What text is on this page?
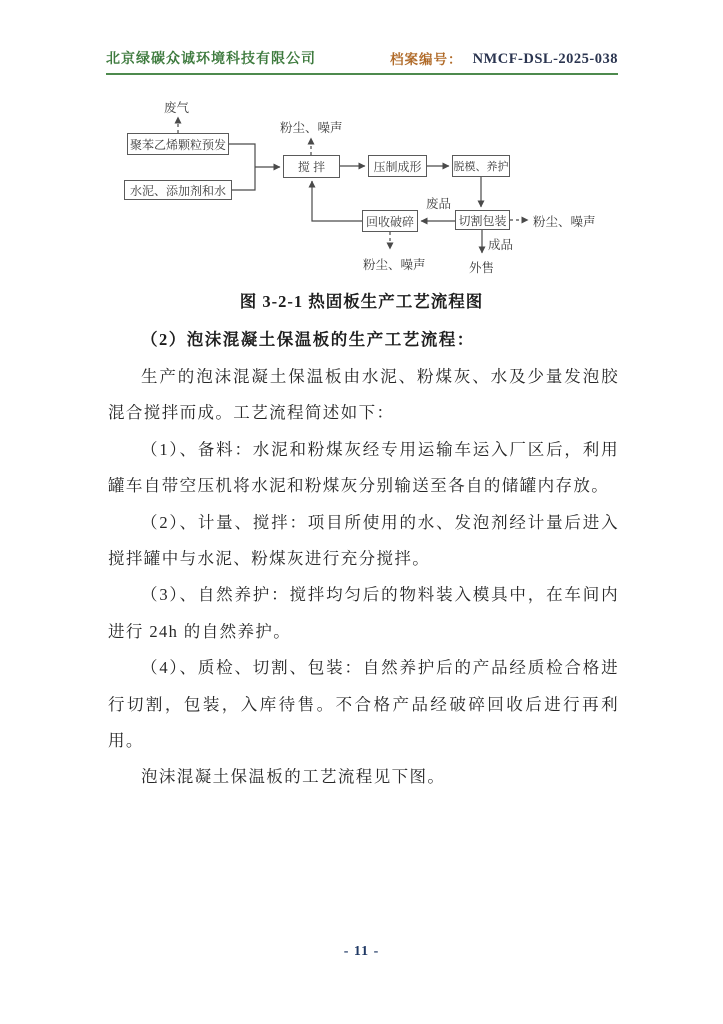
北京绿碳众诚环境科技有限公司	档案编号： NMCF-DSL-2025-038
聚苯乙烯颗粒预发
水泥、添加剂和水
搅 拌	压制成形	脱模、养护
回收破碎	切割包装
废气
粉尘、噪声
废品
粉尘、噪声
成品
外售
粉尘、噪声
图 3-2-1 热固板生产工艺流程图
（2）泡沫混凝土保温板的生产工艺流程：

生产的泡沫混凝土保温板由水泥、粉煤灰、水及少量发泡胶混合搅拌而成。工艺流程简述如下：

（1）、备料：水泥和粉煤灰经专用运输车运入厂区后，利用罐车自带空压机将水泥和粉煤灰分别输送至各自的储罐内存放。

（2）、计量、搅拌：项目所使用的水、发泡剂经计量后进入搅拌罐中与水泥、粉煤灰进行充分搅拌。

（3）、自然养护：搅拌均匀后的物料装入模具中，在车间内进行 24h 的自然养护。

（4）、质检、切割、包装：自然养护后的产品经质检合格进行切割，包装，入库待售。不合格产品经破碎回收后进行再利用。

泡沫混凝土保温板的工艺流程见下图。

- 11 -
